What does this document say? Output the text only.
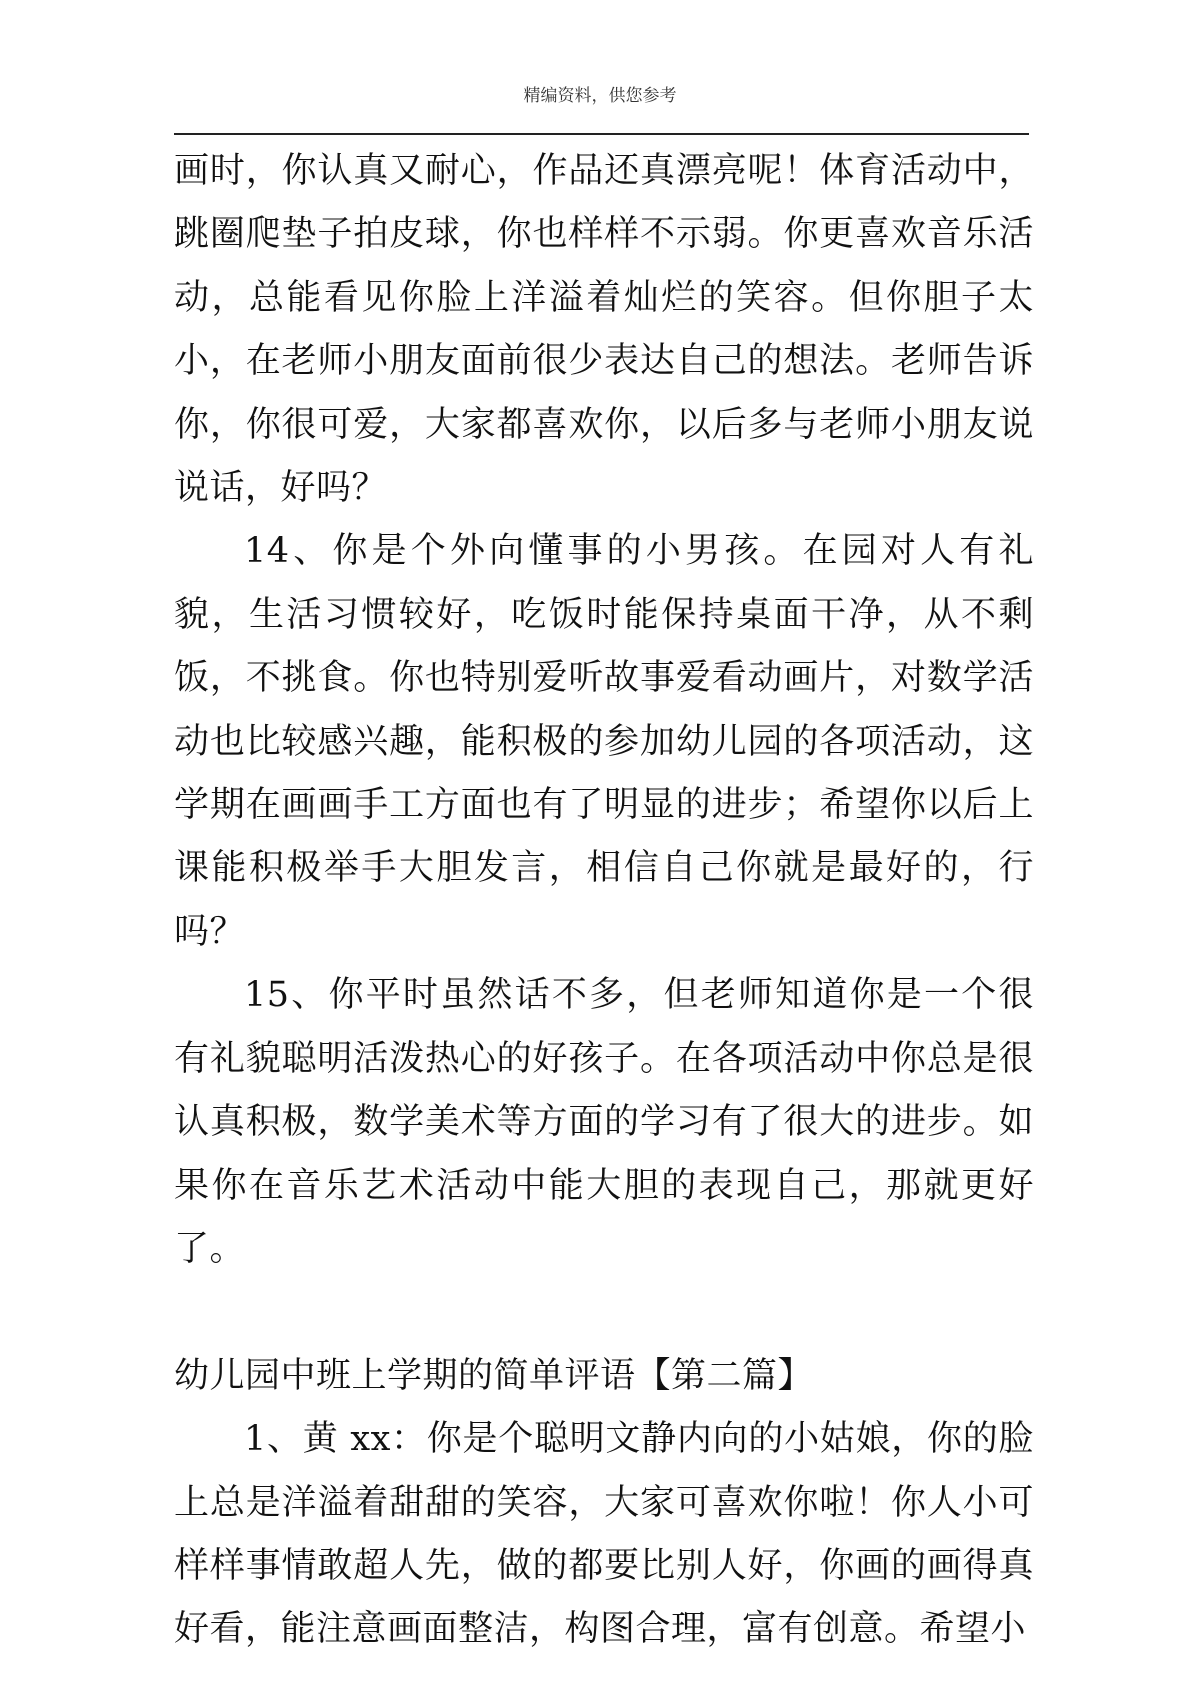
精编资料，供您参考

画时，你认真又耐心，作品还真漂亮呢！体育活动中，跳圈爬垫子拍皮球，你也样样不示弱。你更喜欢音乐活动，总能看见你脸上洋溢着灿烂的笑容。但你胆子太小，在老师小朋友面前很少表达自己的想法。老师告诉你，你很可爱，大家都喜欢你，以后多与老师小朋友说说话，好吗？

14、你是个外向懂事的小男孩。在园对人有礼貌，生活习惯较好，吃饭时能保持桌面干净，从不剩饭，不挑食。你也特别爱听故事爱看动画片，对数学活动也比较感兴趣，能积极的参加幼儿园的各项活动，这学期在画画手工方面也有了明显的进步；希望你以后上课能积极举手大胆发言，相信自己你就是最好的，行吗？

15、你平时虽然话不多，但老师知道你是一个很有礼貌聪明活泼热心的好孩子。在各项活动中你总是很认真积极，数学美术等方面的学习有了很大的进步。如果你在音乐艺术活动中能大胆的表现自己，那就更好了。

幼儿园中班上学期的简单评语【第二篇】

1、黄 xx：你是个聪明文静内向的小姑娘，你的脸上总是洋溢着甜甜的笑容，大家可喜欢你啦！你人小可样样事情敢超人先，做的都要比别人好，你画的画得真好看，能注意画面整洁，构图合理，富有创意。希望小
